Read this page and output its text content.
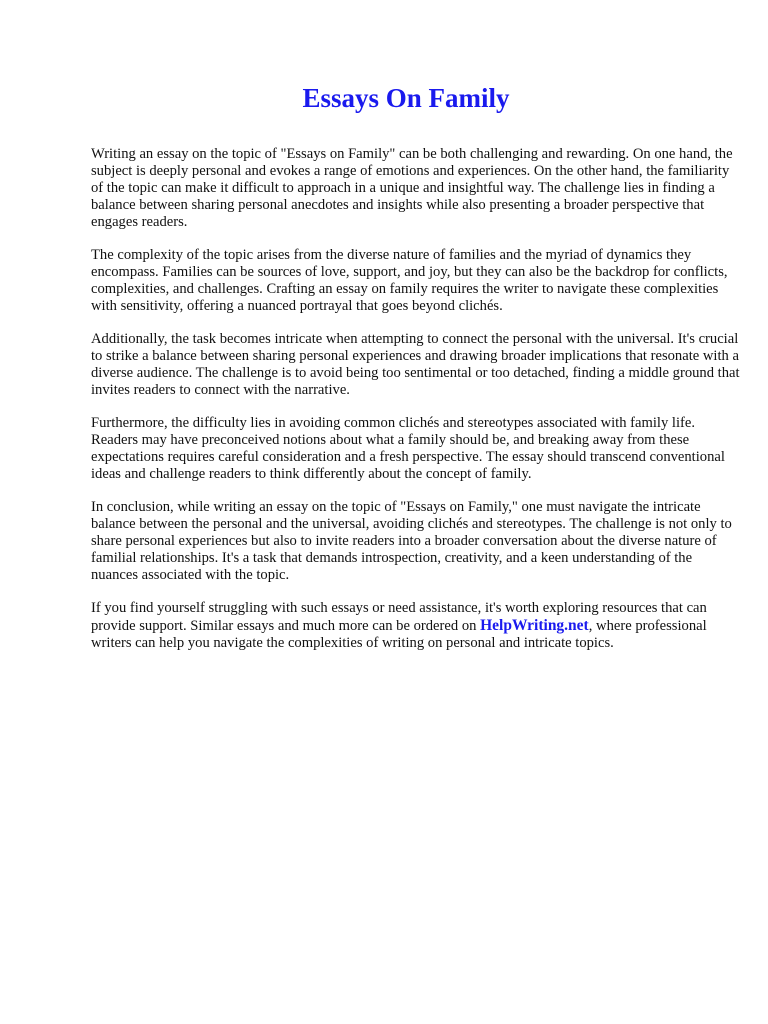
Essays On Family

Writing an essay on the topic of "Essays on Family" can be both challenging and rewarding. On one hand, the subject is deeply personal and evokes a range of emotions and experiences. On the other hand, the familiarity of the topic can make it difficult to approach in a unique and insightful way. The challenge lies in finding a balance between sharing personal anecdotes and insights while also presenting a broader perspective that engages readers.

The complexity of the topic arises from the diverse nature of families and the myriad of dynamics they encompass. Families can be sources of love, support, and joy, but they can also be the backdrop for conflicts, complexities, and challenges. Crafting an essay on family requires the writer to navigate these complexities with sensitivity, offering a nuanced portrayal that goes beyond clichés.

Additionally, the task becomes intricate when attempting to connect the personal with the universal. It's crucial to strike a balance between sharing personal experiences and drawing broader implications that resonate with a diverse audience. The challenge is to avoid being too sentimental or too detached, finding a middle ground that invites readers to connect with the narrative.

Furthermore, the difficulty lies in avoiding common clichés and stereotypes associated with family life. Readers may have preconceived notions about what a family should be, and breaking away from these expectations requires careful consideration and a fresh perspective. The essay should transcend conventional ideas and challenge readers to think differently about the concept of family.

In conclusion, while writing an essay on the topic of "Essays on Family," one must navigate the intricate balance between the personal and the universal, avoiding clichés and stereotypes. The challenge is not only to share personal experiences but also to invite readers into a broader conversation about the diverse nature of familial relationships. It's a task that demands introspection, creativity, and a keen understanding of the nuances associated with the topic.

If you find yourself struggling with such essays or need assistance, it's worth exploring resources that can provide support. Similar essays and much more can be ordered on HelpWriting.net, where professional writers can help you navigate the complexities of writing on personal and intricate topics.
